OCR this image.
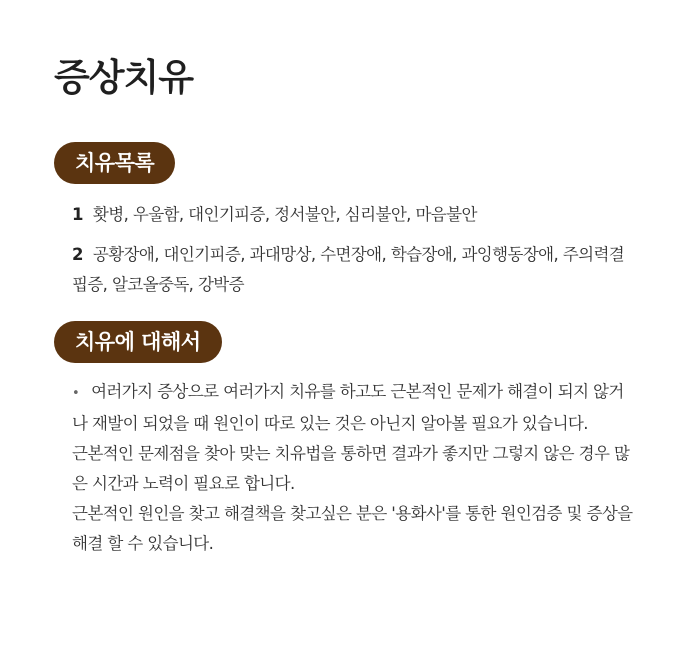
증상치유
치유목록
1 홧병, 우울함, 대인기피증, 정서불안, 심리불안, 마음불안
2 공황장애, 대인기피증, 과대망상, 수면장애, 학습장애, 과잉행동장애, 주의력결핍증, 알코올중독, 강박증
치유에 대해서
• 여러가지 증상으로 여러가지 치유를 하고도 근본적인 문제가 해결이 되지 않거나 재발이 되었을 때 원인이 따로 있는 것은 아닌지 알아볼 필요가 있습니다.
근본적인 문제점을 찾아 맞는 치유법을 통하면 결과가 좋지만 그렇지 않은 경우 많은 시간과 노력이 필요로 합니다.
근본적인 원인을 찾고 해결책을 찾고싶은 분은 '용화사'를 통한 원인검증 및 증상을 해결 할 수 있습니다.
